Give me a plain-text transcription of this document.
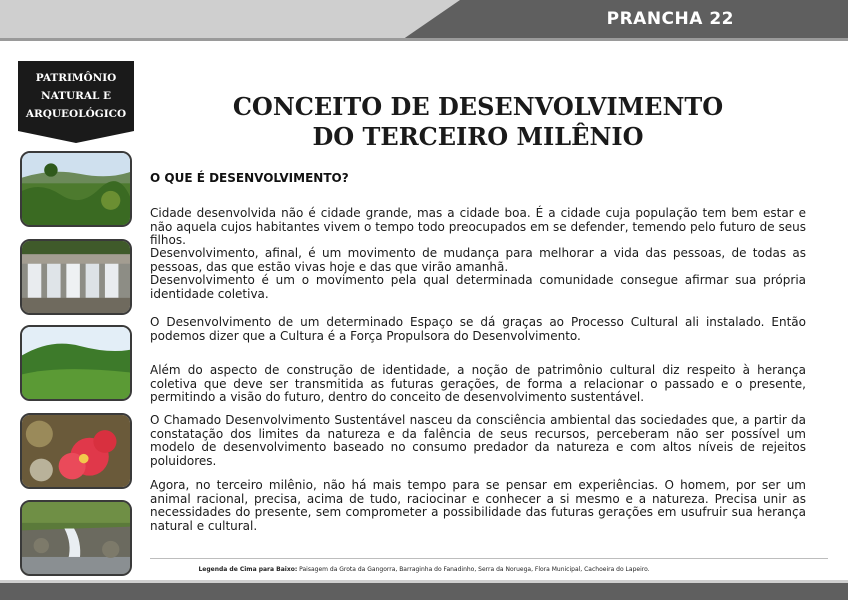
PRANCHA 22
PATRIMÔNIO
NATURAL E
ARQUEOLÓGICO	CONCEITO DE DESENVOLVIMENTO
DO TERCEIRO MILÊNIO
O QUE É DESENVOLVIMENTO?

Cidade desenvolvida não é cidade grande, mas a cidade boa. É a cidade cuja população tem bem estar e não aquela cujos habitantes vivem o tempo todo preocupados em se defender, temendo pelo futuro de seus filhos.

Desenvolvimento, afinal, é um movimento de mudança para melhorar a vida das pessoas, de todas as pessoas, das que estão vivas hoje e das que virão amanhã.

Desenvolvimento é um o movimento pela qual determinada comunidade consegue afirmar sua própria identidade coletiva.

O Desenvolvimento de um determinado Espaço se dá graças ao Processo Cultural ali instalado. Então podemos dizer que a Cultura é a Força Propulsora do Desenvolvimento.

Além do aspecto de construção de identidade, a noção de patrimônio cultural diz respeito à herança coletiva que deve ser transmitida as futuras gerações, de forma a relacionar o passado e o presente, permitindo a visão do futuro, dentro do conceito de desenvolvimento sustentável.

O Chamado Desenvolvimento Sustentável nasceu da consciência ambiental das sociedades que, a partir da constatação dos limites da natureza e da falência de seus recursos, perceberam não ser possível um modelo de desenvolvimento baseado no consumo predador da natureza e com altos níveis de rejeitos poluidores.

Agora, no terceiro milênio, não há mais tempo para se pensar em experiências. O homem, por ser um animal racional, precisa, acima de tudo, raciocinar e conhecer a si mesmo e a natureza. Precisa unir as necessidades do presente, sem comprometer a possibilidade das futuras gerações em usufruir sua herança natural e cultural.

Legenda de Cima para Baixo: Paisagem da Grota da Gangorra, Barraginha do Fanadinho, Serra da Noruega, Flora Municipal, Cachoeira do Lapeiro.
